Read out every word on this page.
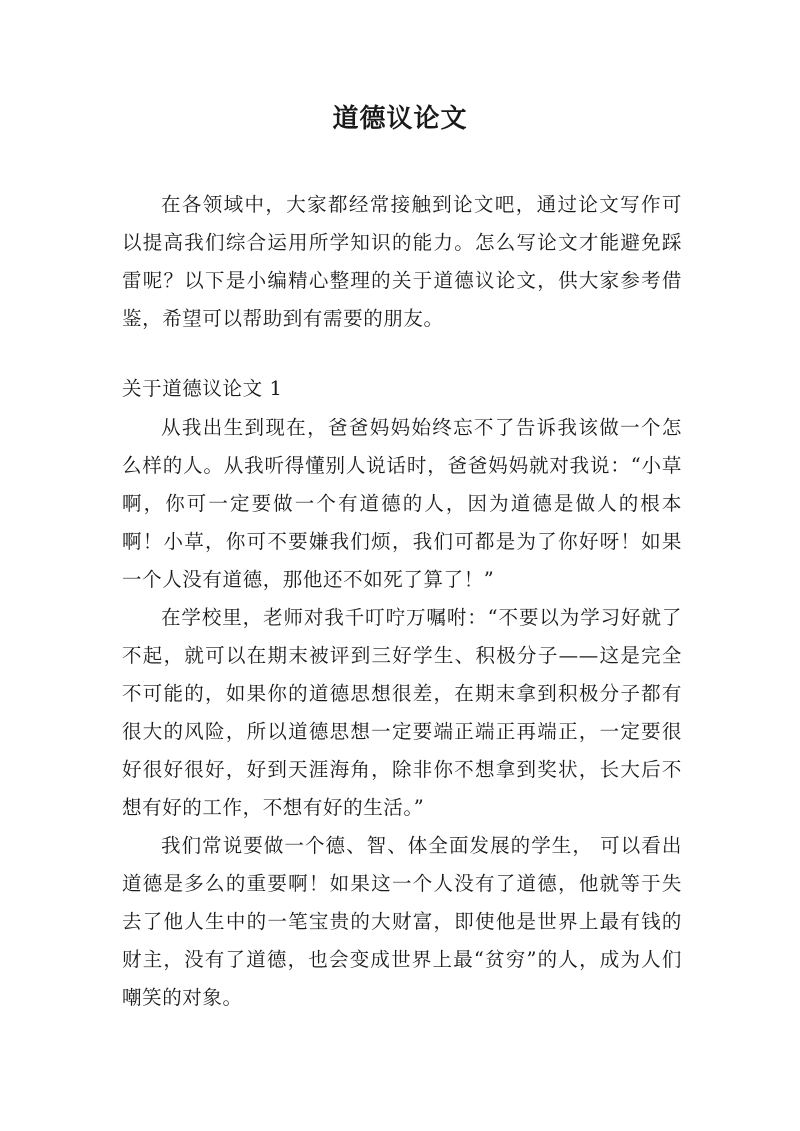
道德议论文

在各领域中，大家都经常接触到论文吧，通过论文写作可以提高我们综合运用所学知识的能力。怎么写论文才能避免踩雷呢？以下是小编精心整理的关于道德议论文，供大家参考借鉴，希望可以帮助到有需要的朋友。

关于道德议论文 1

从我出生到现在，爸爸妈妈始终忘不了告诉我该做一个怎么样的人。从我听得懂别人说话时，爸爸妈妈就对我说：“小草啊，你可一定要做一个有道德的人，因为道德是做人的根本啊！小草，你可不要嫌我们烦，我们可都是为了你好呀！如果一个人没有道德，那他还不如死了算了！”

在学校里，老师对我千叮咛万嘱咐：“不要以为学习好就了不起，就可以在期末被评到三好学生、积极分子——这是完全不可能的，如果你的道德思想很差，在期末拿到积极分子都有很大的风险，所以道德思想一定要端正端正再端正，一定要很好很好很好，好到天涯海角，除非你不想拿到奖状，长大后不想有好的工作，不想有好的生活。”

我们常说要做一个德、智、体全面发展的学生， 可以看出道德是多么的重要啊！如果这一个人没有了道德，他就等于失去了他人生中的一笔宝贵的大财富，即使他是世界上最有钱的财主，没有了道德，也会变成世界上最“贫穷”的人，成为人们嘲笑的对象。
